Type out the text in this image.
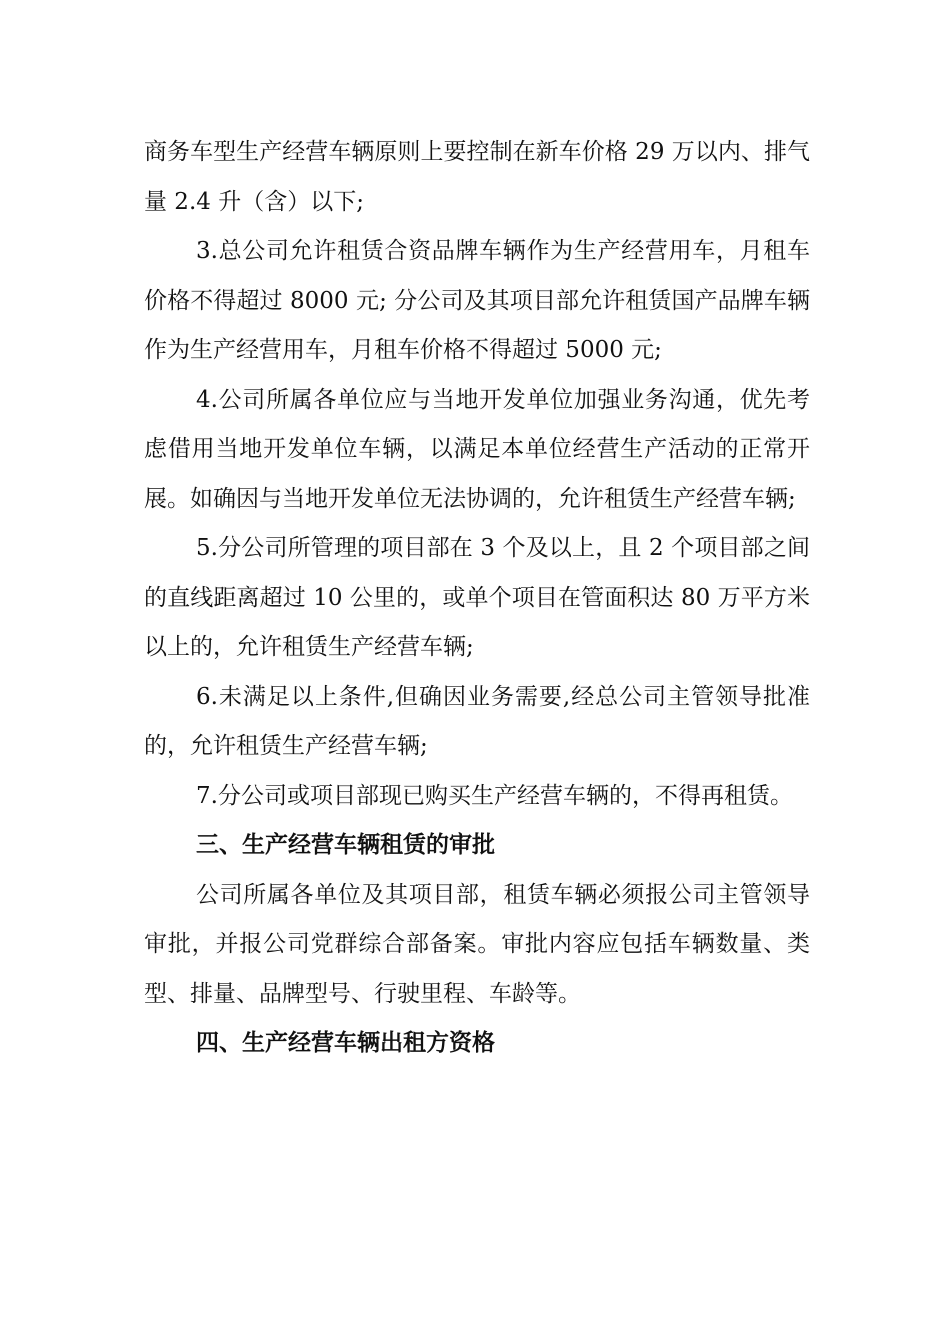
商务车型生产经营车辆原则上要控制在新车价格 29 万以内、排气量 2.4 升（含）以下;

3.总公司允许租赁合资品牌车辆作为生产经营用车，月租车价格不得超过 8000 元; 分公司及其项目部允许租赁国产品牌车辆作为生产经营用车，月租车价格不得超过 5000 元;

4.公司所属各单位应与当地开发单位加强业务沟通，优先考虑借用当地开发单位车辆，以满足本单位经营生产活动的正常开展。如确因与当地开发单位无法协调的，允许租赁生产经营车辆;

5.分公司所管理的项目部在 3 个及以上，且 2 个项目部之间的直线距离超过 10 公里的，或单个项目在管面积达 80 万平方米以上的，允许租赁生产经营车辆;

6.未满足以上条件,但确因业务需要,经总公司主管领导批准的，允许租赁生产经营车辆;

7.分公司或项目部现已购买生产经营车辆的，不得再租赁。

三、生产经营车辆租赁的审批

公司所属各单位及其项目部，租赁车辆必须报公司主管领导审批，并报公司党群综合部备案。审批内容应包括车辆数量、类型、排量、品牌型号、行驶里程、车龄等。

四、生产经营车辆出租方资格
